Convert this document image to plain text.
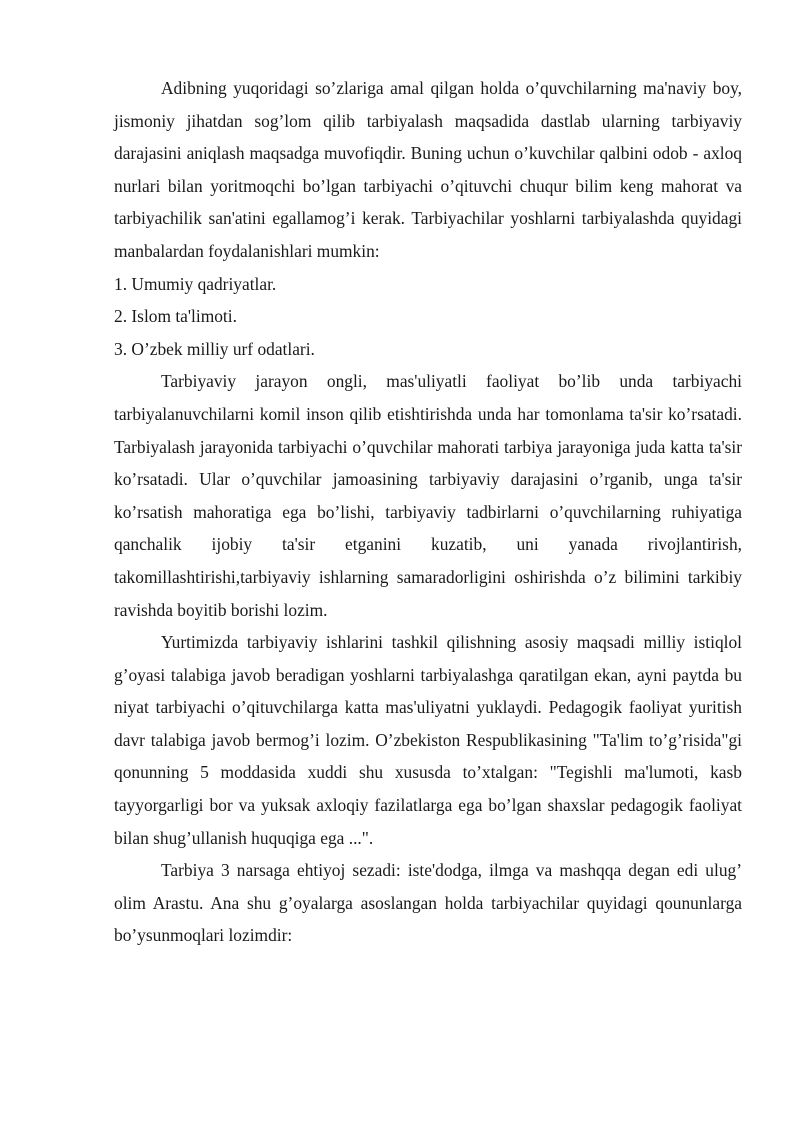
Adibning yuqoridagi so’zlariga amal qilgan holda o’quvchilarning ma'naviy boy, jismoniy jihatdan sog’lom qilib tarbiyalash maqsadida dastlab ularning tarbiyaviy darajasini aniqlash maqsadga muvofiqdir. Buning uchun o’kuvchilar qalbini odob - axloq nurlari bilan yoritmoqchi bo’lgan tarbiyachi o’qituvchi chuqur bilim keng mahorat va tarbiyachilik san'atini egallamog’i kerak. Tarbiyachilar yoshlarni tarbiyalashda quyidagi manbalardan foydalanishlari mumkin:

1. Umumiy qadriyatlar.

2. Islom ta'limoti.

3. O’zbek milliy urf odatlari.

Tarbiyaviy jarayon ongli, mas'uliyatli faoliyat bo’lib unda tarbiyachi tarbiyalanuvchilarni komil inson qilib etishtirishda unda har tomonlama ta'sir ko’rsatadi. Tarbiyalash jarayonida tarbiyachi o’quvchilar mahorati tarbiya jarayoniga juda katta ta'sir ko’rsatadi. Ular o’quvchilar jamoasining tarbiyaviy darajasini o’rganib, unga ta'sir ko’rsatish mahoratiga ega bo’lishi, tarbiyaviy tadbirlarni o’quvchilarning ruhiyatiga qanchalik ijobiy ta'sir etganini kuzatib, uni yanada rivojlantirish, takomillashtirishi,tarbiyaviy ishlarning samaradorligini oshirishda o’z bilimini tarkibiy ravishda boyitib borishi lozim.

Yurtimizda tarbiyaviy ishlarini tashkil qilishning asosiy maqsadi milliy istiqlol g’oyasi talabiga javob beradigan yoshlarni tarbiyalashga qaratilgan ekan, ayni paytda bu niyat tarbiyachi o’qituvchilarga katta mas'uliyatni yuklaydi. Pedagogik faoliyat yuritish davr talabiga javob bermog’i lozim. O’zbekiston Respublikasining "Ta'lim to’g’risida"gi qonunning 5 moddasida xuddi shu xususda to’xtalgan: "Tegishli ma'lumoti, kasb tayyorgarligi bor va yuksak axloqiy fazilatlarga ega bo’lgan shaxslar pedagogik faoliyat bilan shug’ullanish huquqiga ega ...".

Tarbiya 3 narsaga ehtiyoj sezadi: iste'dodga, ilmga va mashqqa degan edi ulug’ olim Arastu. Ana shu g’oyalarga asoslangan holda tarbiyachilar quyidagi qoununlarga bo’ysunmoqlari lozimdir:
